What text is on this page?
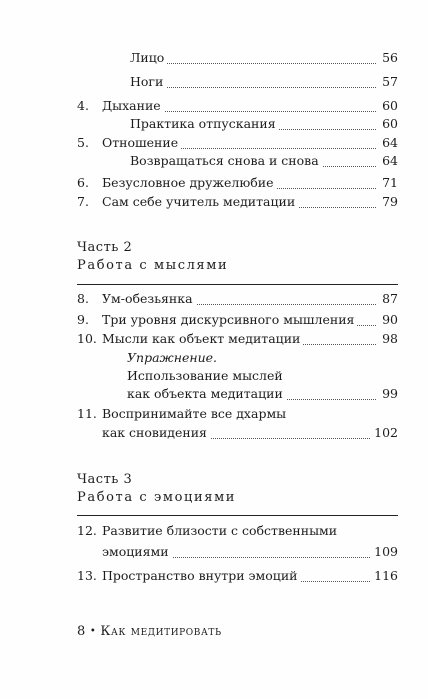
Лицо	56
Ноги	57
4. Дыхание	60
Практика отпускания	60
5. Отношение	64
Возвращаться снова и снова	64
6. Безусловное дружелюбие	71
7. Сам себе учитель медитации	79
Часть 2
Работа с мыслями
8. Ум-обезьянка	87
9. Три уровня дискурсивного мышления 90
10. Мысли как объект медитации	98
Упражнение.
Использование мыслей
как объекта медитации	99
11. Воспринимайте все дхармы
как сновидения	102
Часть 3
Работа с эмоциями
12. Развитие близости с собственными
эмоциями	109
13. Пространство внутри эмоций	116
8 • Как медитировать
